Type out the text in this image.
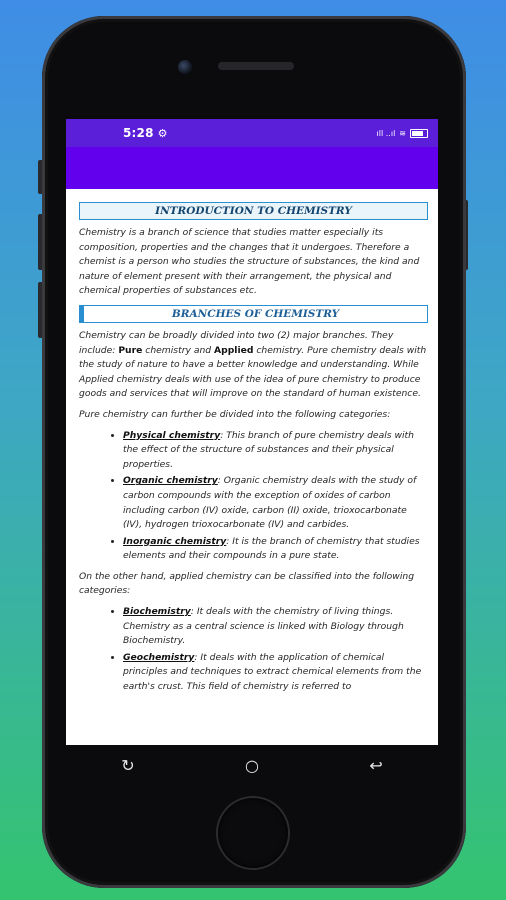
5:28 ⚙	ıll ..ıl ≋
INTRODUCTION TO CHEMISTRY

Chemistry is a branch of science that studies matter especially its composition, properties and the changes that it undergoes. Therefore a chemist is a person who studies the structure of substances, the kind and nature of element present with their arrangement, the physical and chemical properties of substances etc.

BRANCHES OF CHEMISTRY

Chemistry can be broadly divided into two (2) major branches. They include: Pure chemistry and Applied chemistry. Pure chemistry deals with the study of nature to have a better knowledge and understanding. While Applied chemistry deals with use of the idea of pure chemistry to produce goods and services that will improve on the standard of human existence.

Pure chemistry can further be divided into the following categories:

• Physical chemistry: This branch of pure chemistry deals with the effect of the structure of substances and their physical properties.
• Organic chemistry: Organic chemistry deals with the study of carbon compounds with the exception of oxides of carbon including carbon (IV) oxide, carbon (II) oxide, trioxocarbonate (IV), hydrogen trioxocarbonate (IV) and carbides.
• Inorganic chemistry: It is the branch of chemistry that studies elements and their compounds in a pure state.

On the other hand, applied chemistry can be classified into the following categories:

• Biochemistry: It deals with the chemistry of living things. Chemistry as a central science is linked with Biology through Biochemistry.
• Geochemistry: It deals with the application of chemical principles and techniques to extract chemical elements from the earth's crust. This field of chemistry is referred to
↻	○	↩
